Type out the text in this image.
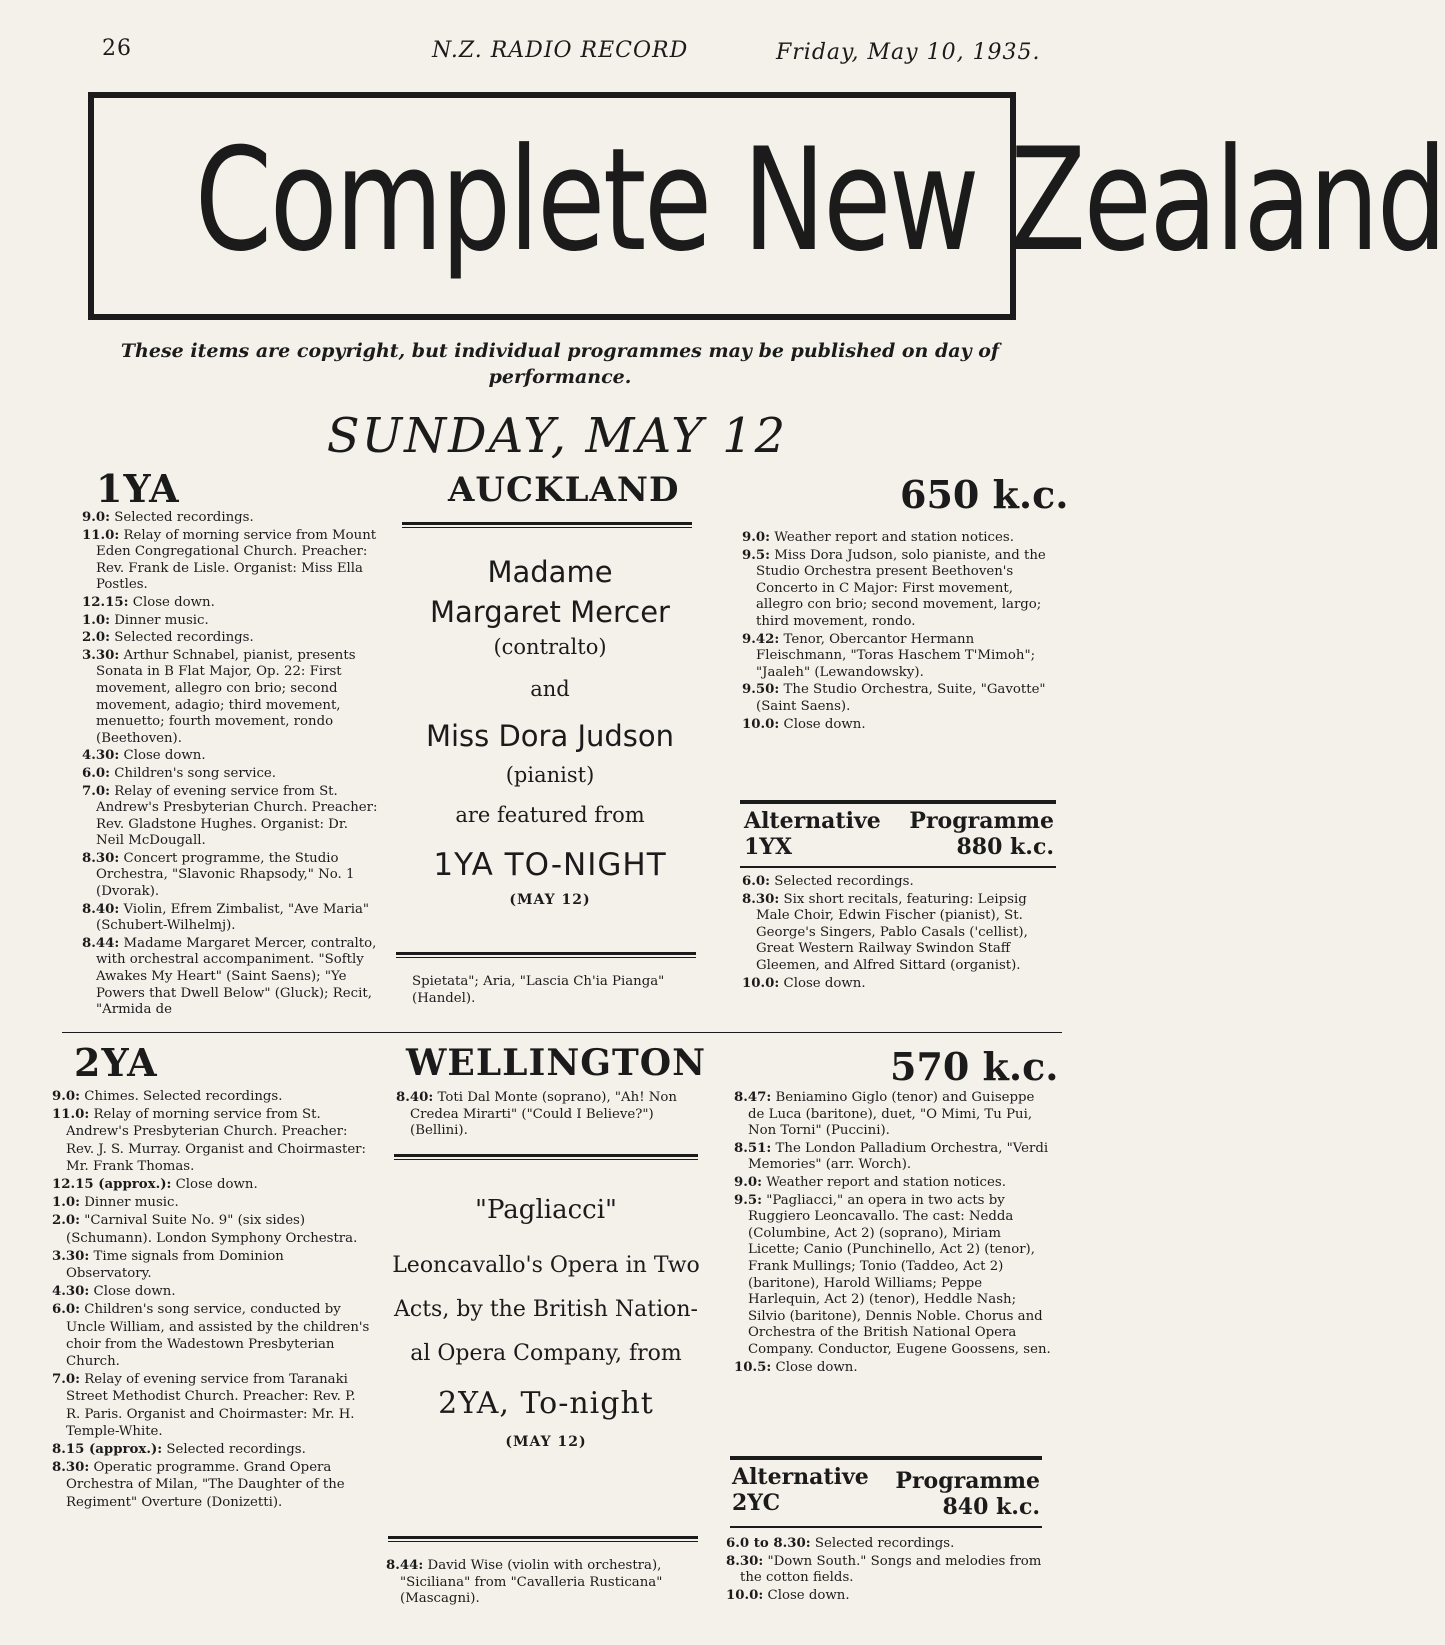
26	N.Z. RADIO RECORD	Friday, May 10, 1935.
Complete New Zealand
These items are copyright, but individual programmes may be published on day of performance.
SUNDAY, MAY 12
1YA	AUCKLAND	650 k.c.
9.0: Selected recordings.
11.0: Relay of morning service from Mount Eden Congregational Church. Preacher: Rev. Frank de Lisle. Organist: Miss Ella Postles.
12.15: Close down.
1.0: Dinner music.
2.0: Selected recordings.
3.30: Arthur Schnabel, pianist, presents Sonata in B Flat Major, Op. 22: First movement, allegro con brio; second movement, adagio; third movement, menuetto; fourth movement, rondo (Beethoven).
4.30: Close down.
6.0: Children's song service.
7.0: Relay of evening service from St. Andrew's Presbyterian Church. Preacher: Rev. Gladstone Hughes. Organist: Dr. Neil McDougall.
8.30: Concert programme, the Studio Orchestra, "Slavonic Rhapsody," No. 1 (Dvorak).
8.40: Violin, Efrem Zimbalist, "Ave Maria" (Schubert-Wilhelmj).
8.44: Madame Margaret Mercer, contralto, with orchestral accompaniment. "Softly Awakes My Heart" (Saint Saens); "Ye Powers that Dwell Below" (Gluck); Recit, "Armida de
Madame
Margaret Mercer
(contralto)
and
Miss Dora Judson
(pianist)
are featured from
1YA TO-NIGHT
(MAY 12)
Spietata"; Aria, "Lascia Ch'ia Pianga" (Handel).
9.0: Weather report and station notices.
9.5: Miss Dora Judson, solo pianiste, and the Studio Orchestra present Beethoven's Concerto in C Major: First movement, allegro con brio; second movement, largo; third movement, rondo.
9.42: Tenor, Obercantor Hermann Fleischmann, "Toras Haschem T'Mimoh"; "Jaaleh" (Lewandowsky).
9.50: The Studio Orchestra, Suite, "Gavotte" (Saint Saens).
10.0: Close down.
Alternative Programme
1YX	880 k.c.
6.0: Selected recordings.
8.30: Six short recitals, featuring: Leipsig Male Choir, Edwin Fischer (pianist), St. George's Singers, Pablo Casals ('cellist), Great Western Railway Swindon Staff Gleemen, and Alfred Sittard (organist).
10.0: Close down.
2YA	WELLINGTON	570 k.c.
9.0: Chimes. Selected recordings.
11.0: Relay of morning service from St. Andrew's Presbyterian Church. Preacher: Rev. J. S. Murray. Organist and Choirmaster: Mr. Frank Thomas.
12.15 (approx.): Close down.
1.0: Dinner music.
2.0: "Carnival Suite No. 9" (six sides) (Schumann). London Symphony Orchestra.
3.30: Time signals from Dominion Observatory.
4.30: Close down.
6.0: Children's song service, conducted by Uncle William, and assisted by the children's choir from the Wadestown Presbyterian Church.
7.0: Relay of evening service from Taranaki Street Methodist Church. Preacher: Rev. P. R. Paris. Organist and Choirmaster: Mr. H. Temple-White.
8.15 (approx.): Selected recordings.
8.30: Operatic programme. Grand Opera Orchestra of Milan, "The Daughter of the Regiment" Overture (Donizetti).
8.40: Toti Dal Monte (soprano), "Ah! Non Credea Mirarti" ("Could I Believe?") (Bellini).
"Pagliacci"
Leoncavallo's Opera in Two
Acts, by the British Nation-
al Opera Company, from
2YA, To-night
(MAY 12)
8.44: David Wise (violin with orchestra), "Siciliana" from "Cavalleria Rusticana" (Mascagni).
8.47: Beniamino Giglo (tenor) and Guiseppe de Luca (baritone), duet, "O Mimi, Tu Pui, Non Torni" (Puccini).
8.51: The London Palladium Orchestra, "Verdi Memories" (arr. Worch).
9.0: Weather report and station notices.
9.5: "Pagliacci," an opera in two acts by Ruggiero Leoncavallo. The cast: Nedda (Columbine, Act 2) (soprano), Miriam Licette; Canio (Punchinello, Act 2) (tenor), Frank Mullings; Tonio (Taddeo, Act 2) (baritone), Harold Williams; Peppe Harlequin, Act 2) (tenor), Heddle Nash; Silvio (baritone), Dennis Noble. Chorus and Orchestra of the British National Opera Company. Conductor, Eugene Goossens, sen.
10.5: Close down.
Alternative Programme
2YC	840 k.c.
6.0 to 8.30: Selected recordings.
8.30: "Down South." Songs and melodies from the cotton fields.
10.0: Close down.
